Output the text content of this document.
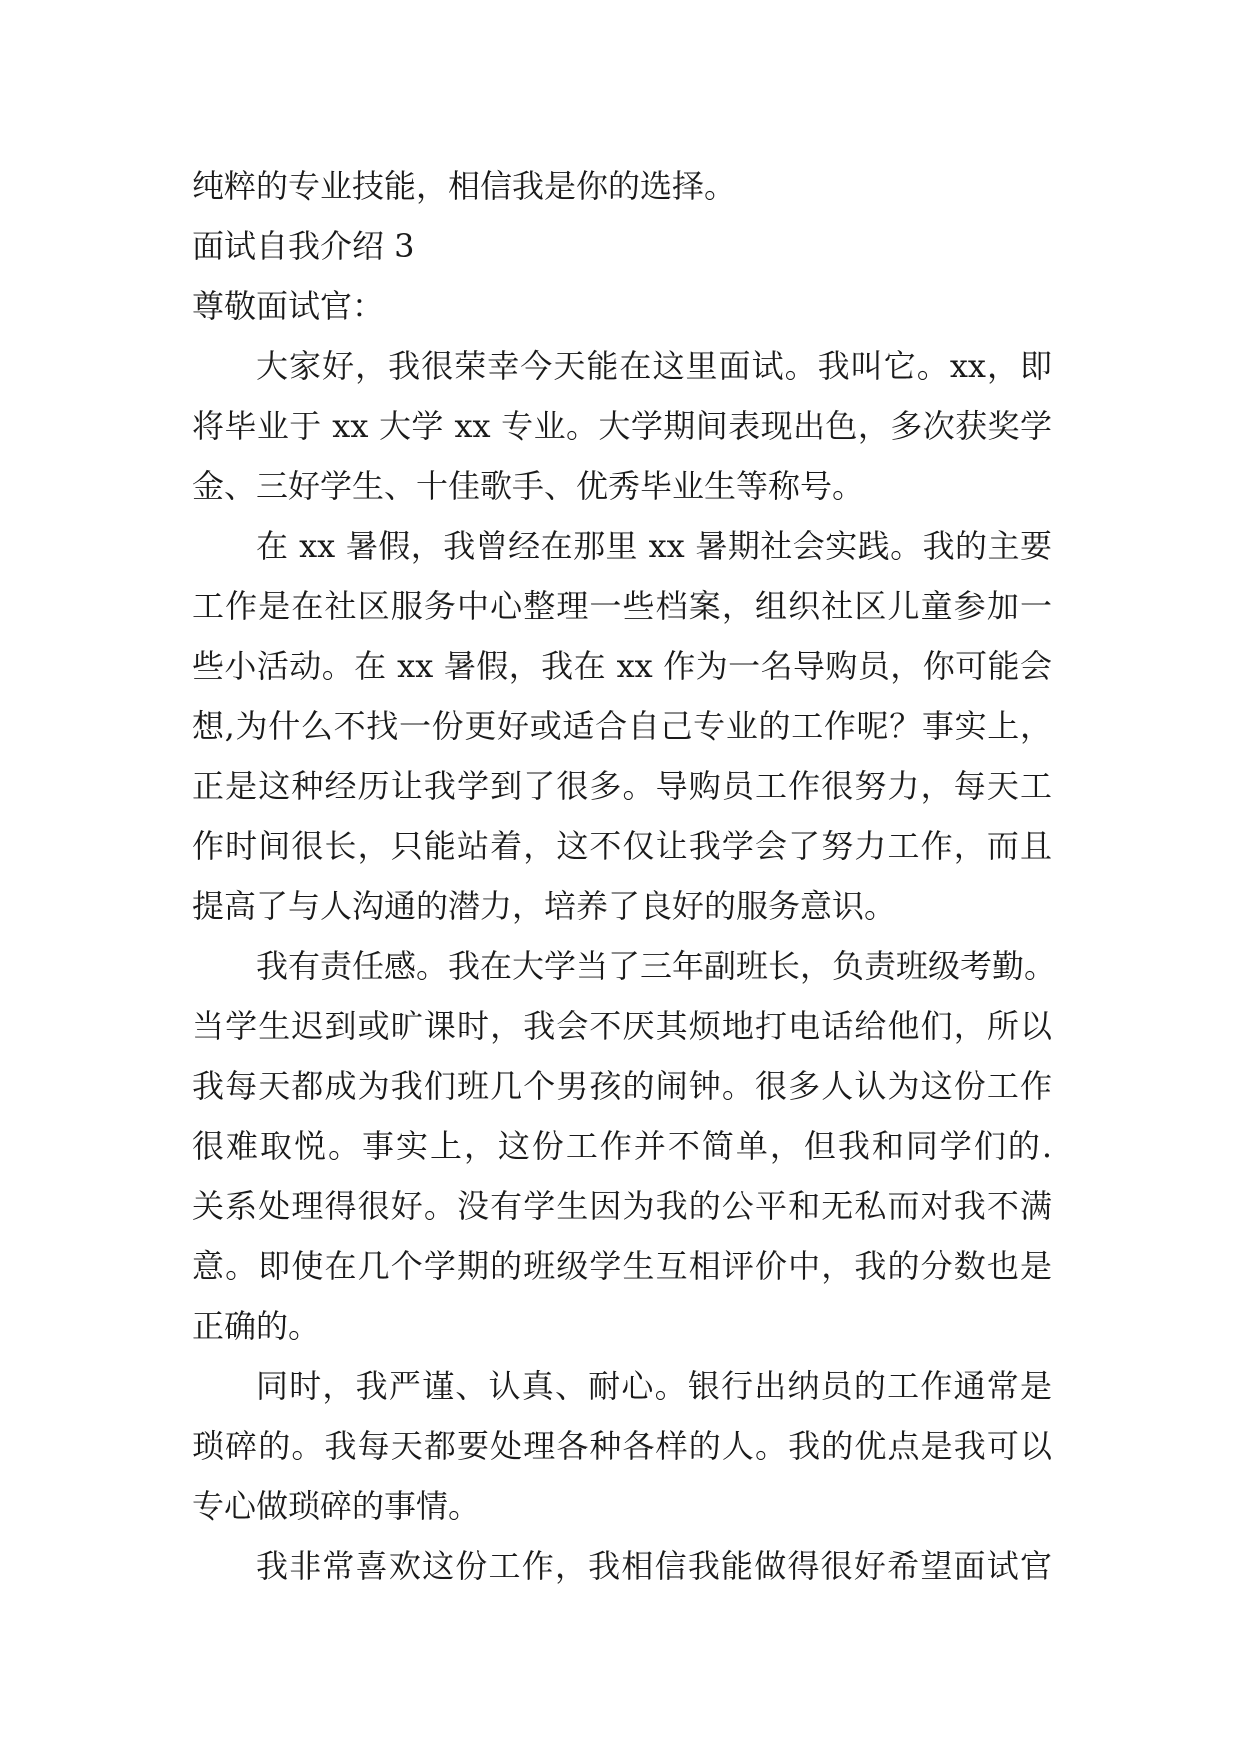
纯粹的专业技能，相信我是你的选择。
面试自我介绍 3
尊敬面试官：
大家好，我很荣幸今天能在这里面试。我叫它。xx，即
将毕业于 xx 大学 xx 专业。大学期间表现出色，多次获奖学
金、三好学生、十佳歌手、优秀毕业生等称号。
在 xx 暑假，我曾经在那里 xx 暑期社会实践。我的主要
工作是在社区服务中心整理一些档案，组织社区儿童参加一
些小活动。在 xx 暑假，我在 xx 作为一名导购员，你可能会
想,为什么不找一份更好或适合自己专业的工作呢？事实上，
正是这种经历让我学到了很多。导购员工作很努力，每天工
作时间很长，只能站着，这不仅让我学会了努力工作，而且
提高了与人沟通的潜力，培养了良好的服务意识。
我有责任感。我在大学当了三年副班长，负责班级考勤。
当学生迟到或旷课时，我会不厌其烦地打电话给他们，所以
我每天都成为我们班几个男孩的闹钟。很多人认为这份工作
很难取悦。事实上，这份工作并不简单，但我和同学们的.
关系处理得很好。没有学生因为我的公平和无私而对我不满
意。即使在几个学期的班级学生互相评价中，我的分数也是
正确的。
同时，我严谨、认真、耐心。银行出纳员的工作通常是
琐碎的。我每天都要处理各种各样的人。我的优点是我可以
专心做琐碎的事情。
我非常喜欢这份工作，我相信我能做得很好希望面试官
